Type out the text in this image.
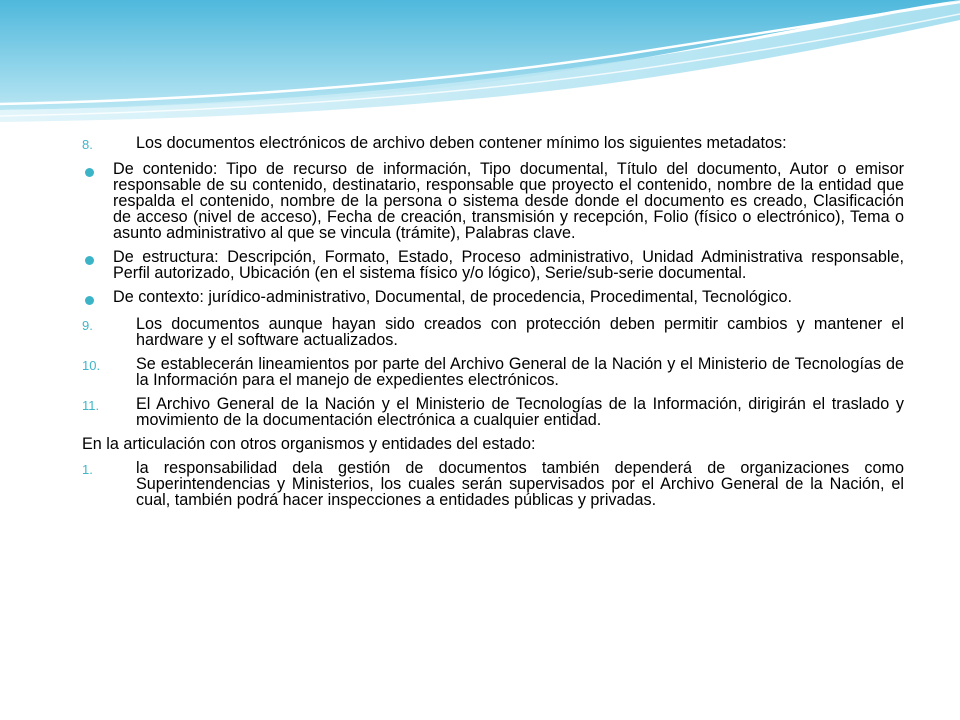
8.	Los documentos electrónicos de archivo deben contener mínimo los siguientes metadatos:
De contenido: Tipo de recurso de información, Tipo documental, Título del documento, Autor o emisor responsable de su contenido, destinatario, responsable que proyecto el contenido, nombre de la entidad que respalda el contenido, nombre de la persona o sistema desde donde el documento es creado, Clasificación de acceso (nivel de acceso), Fecha de creación, transmisión y recepción, Folio (físico o electrónico), Tema o asunto administrativo al que se vincula (trámite), Palabras clave.
De estructura: Descripción, Formato, Estado, Proceso administrativo, Unidad Administrativa responsable, Perfil autorizado, Ubicación (en el sistema físico y/o lógico), Serie/sub-serie documental.
De contexto: jurídico-administrativo, Documental, de procedencia, Procedimental, Tecnológico.
9.	Los documentos aunque hayan sido creados con protección deben permitir cambios y mantener el hardware y el software actualizados.
10.	Se establecerán lineamientos por parte del Archivo General de la Nación y el Ministerio de Tecnologías de la Información para el manejo de expedientes electrónicos.
11.	El Archivo General de la Nación y el Ministerio de Tecnologías de la Información, dirigirán el traslado y movimiento de la documentación electrónica a cualquier entidad.
En la articulación con otros organismos y entidades del estado:
1.	la responsabilidad dela gestión de documentos también dependerá de organizaciones como Superintendencias y Ministerios, los cuales serán supervisados por el Archivo General de la Nación, el cual, también podrá hacer inspecciones a entidades públicas y privadas.
